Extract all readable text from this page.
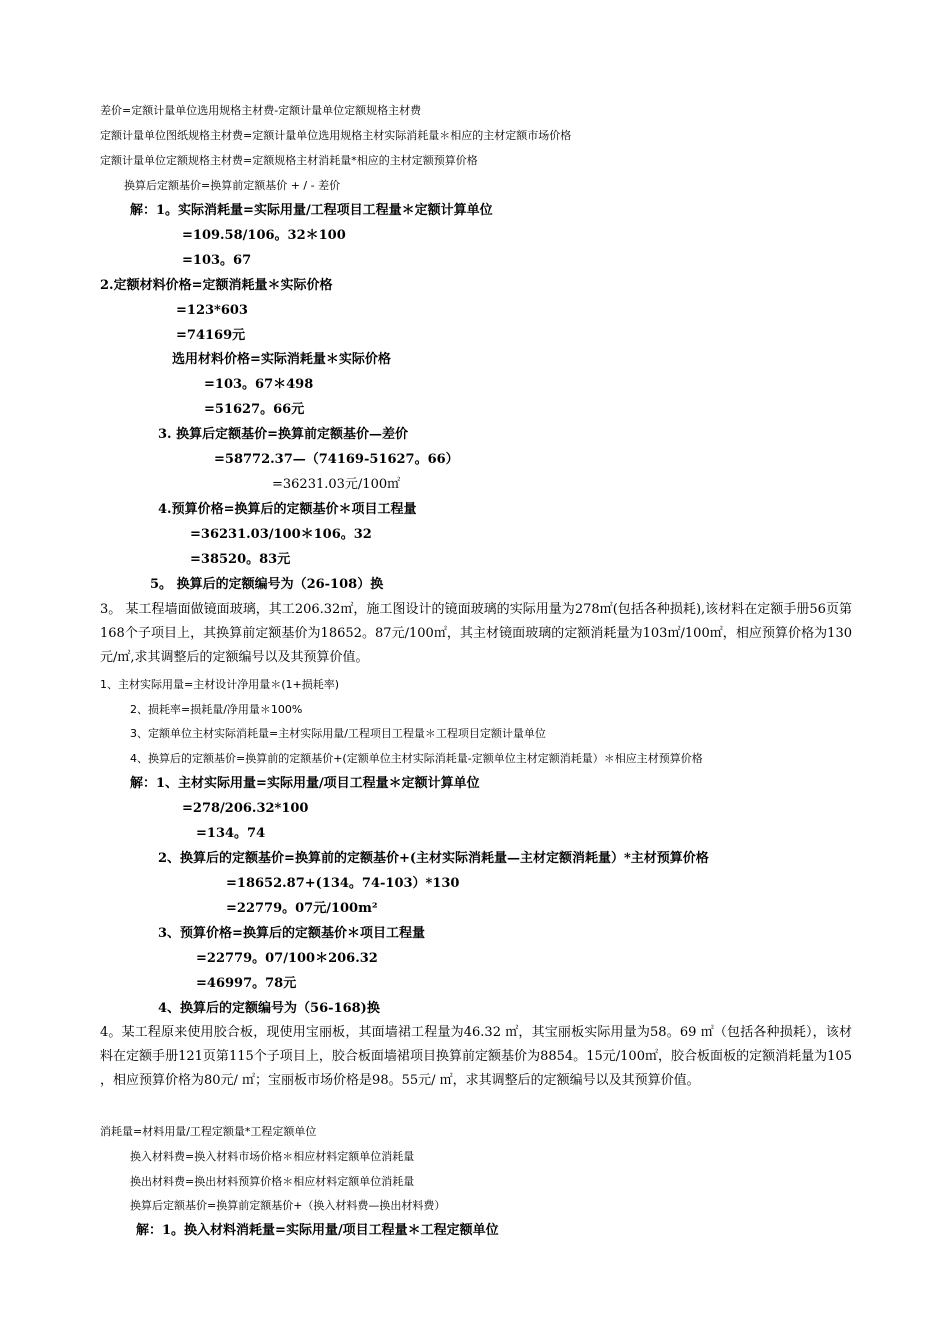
差价=定额计量单位选用规格主材费-定额计量单位定额规格主材费
定额计量单位图纸规格主材费=定额计量单位选用规格主材实际消耗量＊相应的主材定额市场价格
定额计量单位定额规格主材费=定额规格主材消耗量*相应的主材定额预算价格
换算后定额基价=换算前定额基价 + / - 差价
解：1。实际消耗量=实际用量/工程项目工程量＊定额计算单位
=109.58/106。32＊100
=103。67
2.定额材料价格=定额消耗量＊实际价格
=123*603
=74169元
选用材料价格=实际消耗量＊实际价格
=103。67＊498
=51627。66元
3. 换算后定额基价=换算前定额基价—差价
=58772.37—（74169-51627。66）
=36231.03元/100㎡
4.预算价格=换算后的定额基价＊项目工程量
=36231.03/100＊106。32
=38520。83元
5。 换算后的定额编号为（26-108）换
3。 某工程墙面做镜面玻璃，其工206.32㎡，施工图设计的镜面玻璃的实际用量为278㎡(包括各种损耗),该材料在定额手册56页第168个子项目上，其换算前定额基价为18652。87元/100㎡，其主材镜面玻璃的定额消耗量为103㎡/100㎡，相应预算价格为130元/㎡,求其调整后的定额编号以及其预算价值。
1、主材实际用量=主材设计净用量＊(1+损耗率)
2、损耗率=损耗量/净用量＊100%
3、定额单位主材实际消耗量=主材实际用量/工程项目工程量＊工程项目定额计量单位
4、换算后的定额基价=换算前的定额基价+(定额单位主材实际消耗量-定额单位主材定额消耗量）＊相应主材预算价格
解：1、主材实际用量=实际用量/项目工程量＊定额计算单位
=278/206.32*100
=134。74
2、换算后的定额基价=换算前的定额基价+(主材实际消耗量—主材定额消耗量）*主材预算价格
=18652.87+(134。74-103）*130
=22779。07元/100m²
3、预算价格=换算后的定额基价＊项目工程量
=22779。07/100＊206.32
=46997。78元
4、换算后的定额编号为（56-168)换
4。某工程原来使用胶合板，现使用宝丽板，其面墙裙工程量为46.32 ㎡，其宝丽板实际用量为58。69 ㎡（包括各种损耗），该材料在定额手册121页第115个子项目上，胶合板面墙裙项目换算前定额基价为8854。15元/100㎡，胶合板面板的定额消耗量为105 ，相应预算价格为80元/ ㎡；宝丽板市场价格是98。55元/ ㎡，求其调整后的定额编号以及其预算价值。
消耗量=材料用量/工程定额量*工程定额单位
换入材料费=换入材料市场价格＊相应材料定额单位消耗量
换出材料费=换出材料预算价格＊相应材料定额单位消耗量
换算后定额基价=换算前定额基价+（换入材料费—换出材料费）
解：1。换入材料消耗量=实际用量/项目工程量＊工程定额单位
